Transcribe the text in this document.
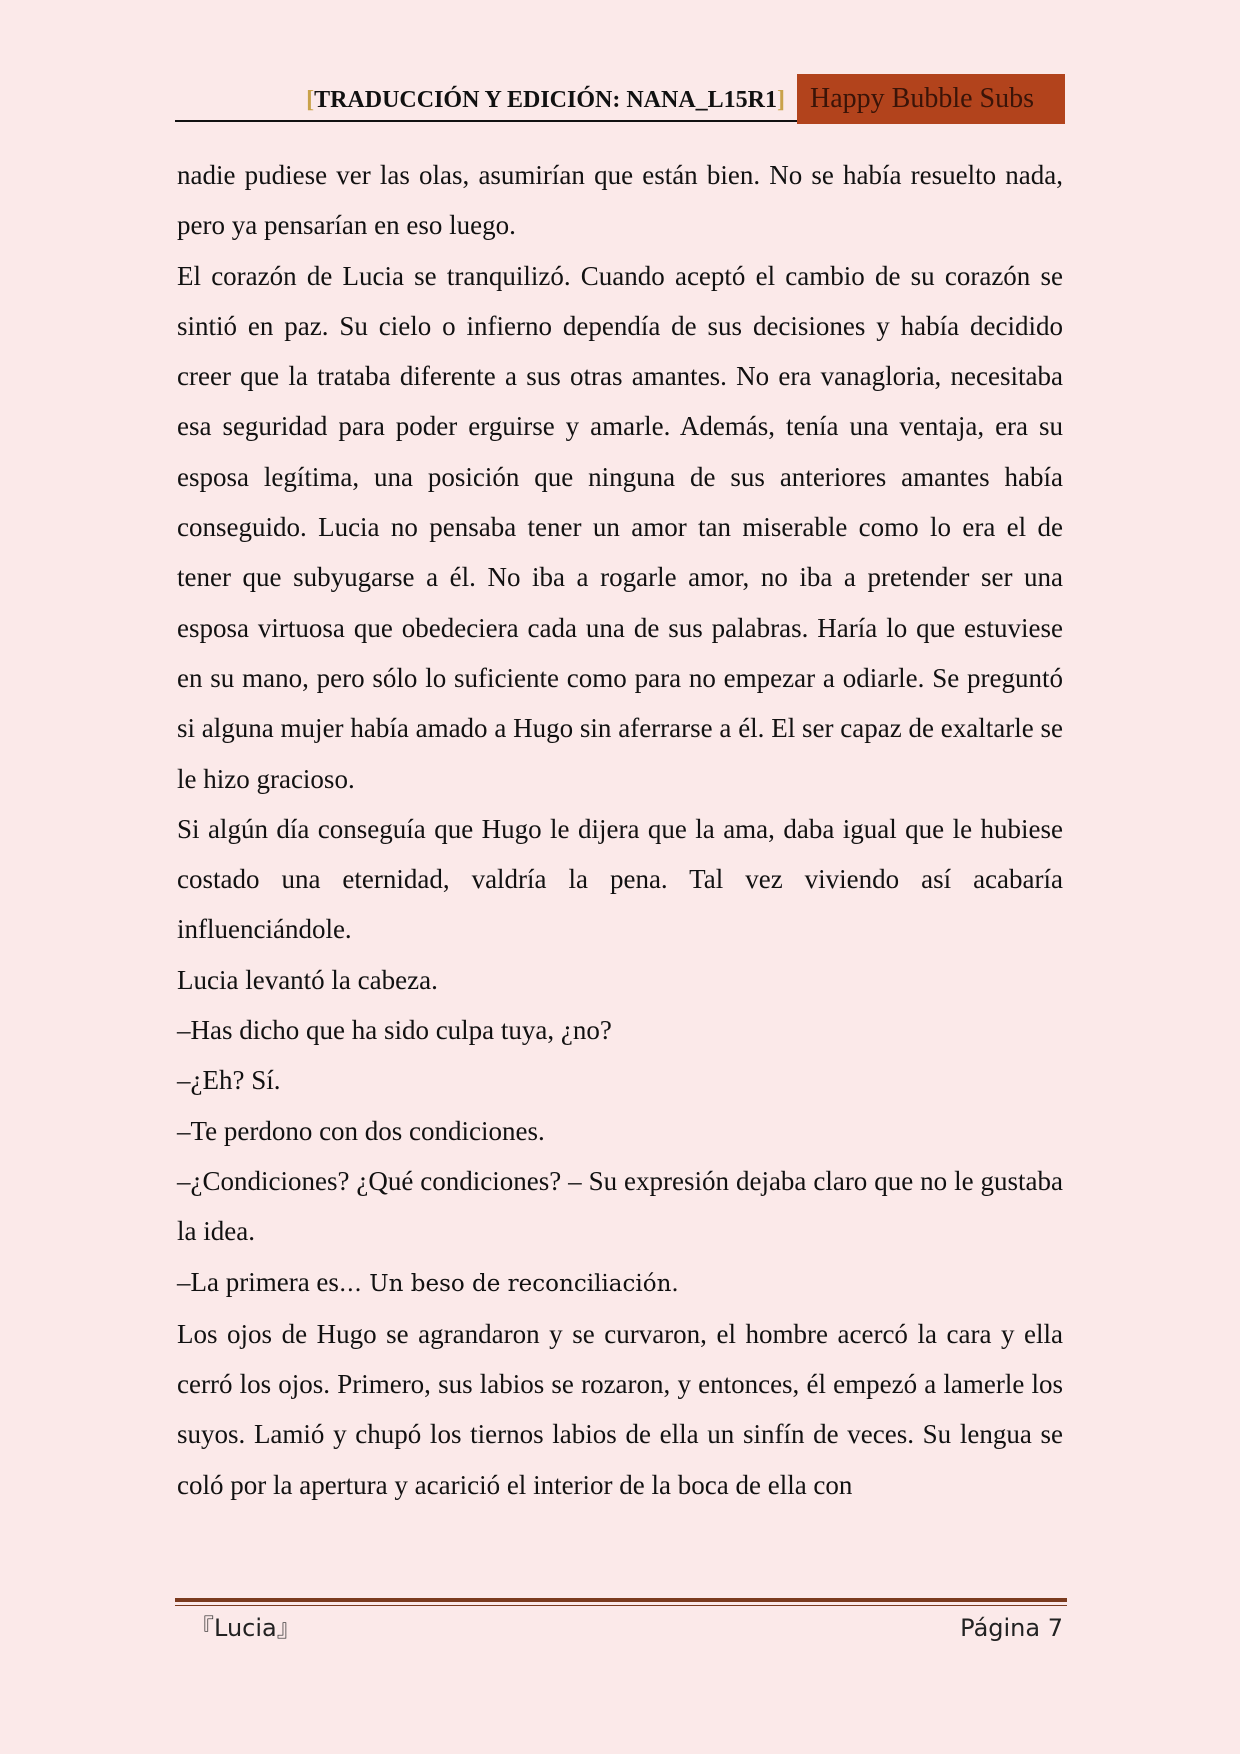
[TRADUCCIÓN Y EDICIÓN: NANA_L15R1] Happy Bubble Subs

nadie pudiese ver las olas, asumirían que están bien. No se había resuelto nada, pero ya pensarían en eso luego.

El corazón de Lucia se tranquilizó. Cuando aceptó el cambio de su corazón se sintió en paz. Su cielo o infierno dependía de sus decisiones y había decidido creer que la trataba diferente a sus otras amantes. No era vanagloria, necesitaba esa seguridad para poder erguirse y amarle. Además, tenía una ventaja, era su esposa legítima, una posición que ninguna de sus anteriores amantes había conseguido. Lucia no pensaba tener un amor tan miserable como lo era el de tener que subyugarse a él. No iba a rogarle amor, no iba a pretender ser una esposa virtuosa que obedeciera cada una de sus palabras. Haría lo que estuviese en su mano, pero sólo lo suficiente como para no empezar a odiarle. Se preguntó si alguna mujer había amado a Hugo sin aferrarse a él. El ser capaz de exaltarle se le hizo gracioso.

Si algún día conseguía que Hugo le dijera que la ama, daba igual que le hubiese costado una eternidad, valdría la pena. Tal vez viviendo así acabaría influenciándole.

Lucia levantó la cabeza.

–Has dicho que ha sido culpa tuya, ¿no?

–¿Eh? Sí.

–Te perdono con dos condiciones.

–¿Condiciones? ¿Qué condiciones? – Su expresión dejaba claro que no le gustaba la idea.

–La primera es… Un beso de reconciliación.

Los ojos de Hugo se agrandaron y se curvaron, el hombre acercó la cara y ella cerró los ojos. Primero, sus labios se rozaron, y entonces, él empezó a lamerle los suyos. Lamió y chupó los tiernos labios de ella un sinfín de veces. Su lengua se coló por la apertura y acarició el interior de la boca de ella con

『Lucia』	Página 7
